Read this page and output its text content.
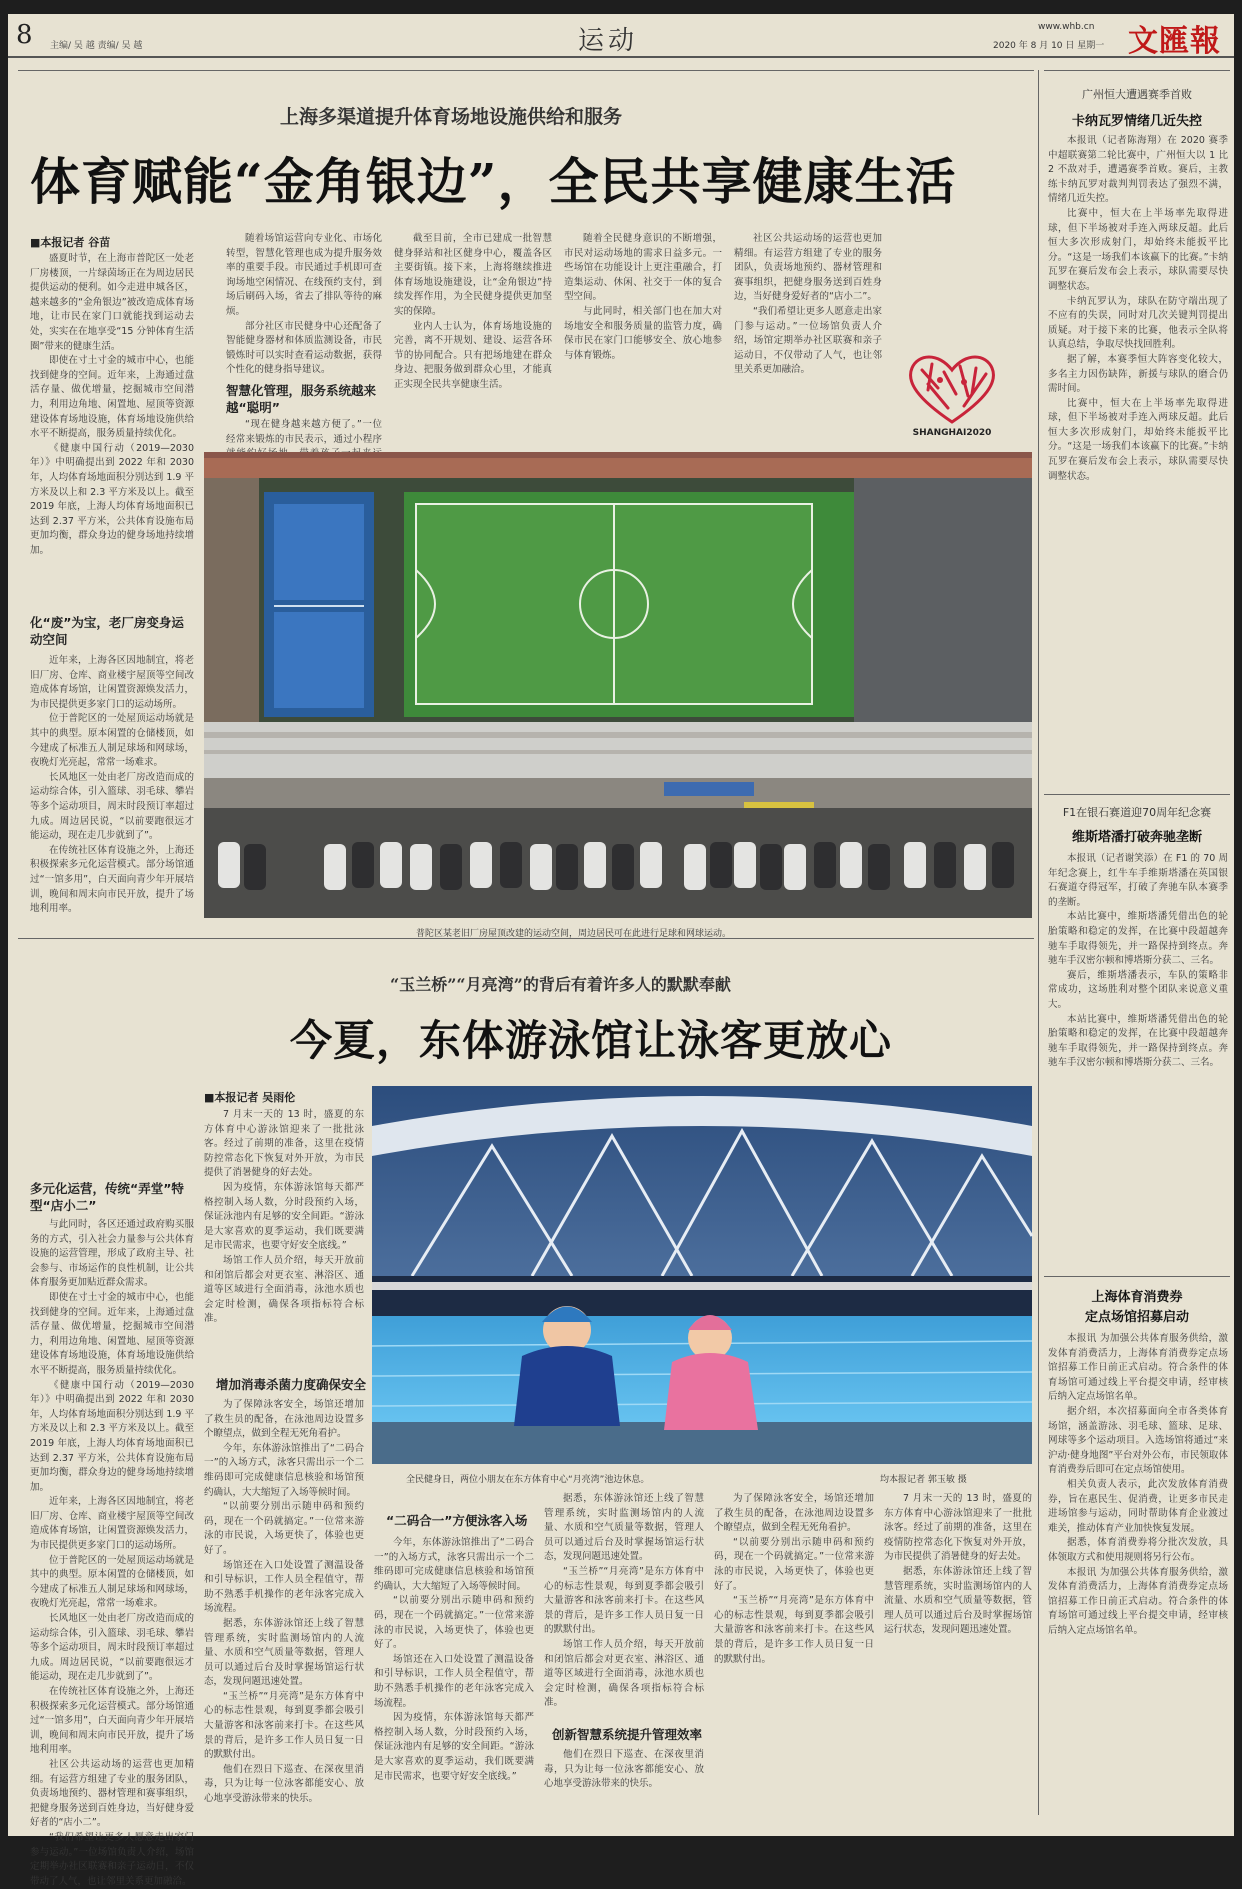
8 主编/ 吴 越 责编/ 吴 越	运动	www.whb.cn
2020 年 8 月 10 日 星期一 文匯報
上海多渠道提升体育场地设施供给和服务
体育赋能“金角银边”，全民共享健康生活
■本报记者 谷苗

盛夏时节，在上海市普陀区一处老厂房楼顶，一片绿茵场正在为周边居民提供运动的便利。如今走进申城各区，越来越多的“金角银边”被改造成体育场地，让市民在家门口就能找到运动去处，实实在在地享受“15 分钟体育生活圈”带来的健康生活。

即使在寸土寸金的城市中心，也能找到健身的空间。近年来，上海通过盘活存量、做优增量，挖掘城市空间潜力，利用边角地、闲置地、屋顶等资源建设体育场地设施，体育场地设施供给水平不断提高，服务质量持续优化。

《健康中国行动（2019—2030 年）》中明确提出到 2022 年和 2030 年，人均体育场地面积分别达到 1.9 平方米及以上和 2.3 平方米及以上。截至 2019 年底，上海人均体育场地面积已达到 2.37 平方米，公共体育设施布局更加均衡，群众身边的健身场地持续增加。

化“废”为宝，老厂房变身运动空间

近年来，上海各区因地制宜，将老旧厂房、仓库、商业楼宇屋顶等空间改造成体育场馆，让闲置资源焕发活力，为市民提供更多家门口的运动场所。

位于普陀区的一处屋顶运动场就是其中的典型。原本闲置的仓储楼顶，如今建成了标准五人制足球场和网球场，夜晚灯光亮起，常常一场难求。

长风地区一处由老厂房改造而成的运动综合体，引入篮球、羽毛球、攀岩等多个运动项目，周末时段预订率超过九成。周边居民说，“以前要跑很远才能运动，现在走几步就到了”。

在传统社区体育设施之外，上海还积极探索多元化运营模式。部分场馆通过“一馆多用”，白天面向青少年开展培训，晚间和周末向市民开放，提升了场地利用率。

随着场馆运营向专业化、市场化转型，智慧化管理也成为提升服务效率的重要手段。市民通过手机即可查询场地空闲情况、在线预约支付，到场后刷码入场，省去了排队等待的麻烦。

部分社区市民健身中心还配备了智能健身器材和体质监测设备，市民锻炼时可以实时查看运动数据，获得个性化的健身指导建议。

智慧化管理，服务系统越来越“聪明”

“现在健身越来越方便了。”一位经常来锻炼的市民表示，通过小程序

截至目前，全市已建成一批智慧健身驿站和社区健身中心，覆盖各区主要街镇。接下来，上海将继续推进体育场地设施建设，让“金角银边”持续发挥作用，为全民健身提供更加坚实的保障。

业内人士认为，体育场地设施的完善，离不开规划、建设、运营各环节的协同配合。只有把场地建在群众身边、把服务做到群众心里，才能真正实现全民共享健康生活。

随着全民健身意识的不断增强，市民对运动场地的需求日益多元。一些场馆在功能设计上更注重融合，打造集运动、休闲、社交于一体的复合型空间。

与此同时，相关部门也在加大对场地安全和服务质量的监管力度，确保市民在家门口能够安全、放心地参与体育锻炼。

社区公共运动场的运营也更加精细。有运营方组建了专业的服务团队，负责场地预约、器材管理和赛事组织，把健身服务送到百姓身边，当好健身爱好者的“店小二”。

“我们希望让更多人愿意走出家门参与运动。”一位场馆负责人介绍，场馆定期举办社区联赛和亲子运动日，不仅带动了人气，也让邻里关系更加融洽。

SHANGHAI2020
普陀区某老旧厂房屋顶改建的运动空间，周边居民可在此进行足球和网球运动。
“玉兰桥”“月亮湾”的背后有着许多人的默默奉献
今夏，东体游泳馆让泳客更放心
多元化运营，传统“弄堂”特型“店小二”

与此同时，各区还通过政府购买服务的方式，引入社会力量参与公共体育设施的运营管理，形成了政府主导、社会参与、市场运作的良性机制，让公共体育服务更加贴近群众需求。

即使在寸土寸金的城市中心，也能找到健身的空间。近年来，上海通过盘活存量、做优增量，挖掘城市空间潜力，利用边角地、闲置地、屋顶等资源建设体育场地设施，体育场地设施供给水平不断提高，服务质量持续优化。

《健康中国行动（2019—2030 年）》中明确提出到 2022 年和 2030 年，人均体育场地面积分别达到 1.9 平方米及以上和 2.3 平方米及以上。截至 2019 年底，上海人均体育场地面积已达到 2.37 平方米，公共体育设施布局更加均衡，群众身边的健身场地持续增加。

近年来，上海各区因地制宜，将老旧厂房、仓库、商业楼宇屋顶等空间改造成体育场馆，让闲置资源焕发活力，为市民提供更多家门口的运动场所。

位于普陀区的一处屋顶运动场就是其中的典型。原本闲置的仓储楼顶，如今建成了标准五人制足球场和网球场，夜晚灯光亮起，常常一场难求。

长风地区一处由老厂房改造而成的运动综合体，引入篮球、羽毛球、攀岩等多个运动项目，周末时段预订率超过九成。周边居民说，“以前要跑很远才能运动，现在走几步就到了”。

在传统社区体育设施之外，上海还积极探索多元化运营模式。部分场馆通过“一馆多用”，白天面向青少年开展培训，晚间和周末向市民开放，提升了场地利用率。

社区公共运动场的运营也更加精细。有运营方组建了专业的服务团队，负责场地预约、器材管理和赛事组织，把健身服务送到百姓身边，当好健身爱好者的“店小二”。

“我们希望让更多人愿意走出家门参与运动。”一位场馆负责人介绍，场馆定期举办社区联赛和亲子运动日，不仅带动了人气，也让邻里关系更加融洽。

■本报记者 吴雨伦

7 月末一天的 13 时，盛夏的东方体育中心游泳馆迎来了一批批泳客。经过了前期的准备，这里在疫情防控常态化下恢复对外开放，为市民提供了消暑健身的好去处。

因为疫情，东体游泳馆每天都严格控制入场人数，分时段预约入场，保证泳池内有足够的安全间距。“游泳是大家喜欢的夏季运动，我们既要满足市民需求，也要守好安全底线。”

场馆工作人员介绍，每天开放前和闭馆后都会对更衣室、淋浴区、通道等区域进行全面消毒，泳池水质也会定时检测，确保各项指标符合标准。

增加消毒杀菌力度确保安全

为了保障泳客安全，场馆还增加了救生员的配备，在泳池周边设置多个瞭望点，做到全程无死角看护。

今年，东体游泳馆推出了“二码合一”的入场方式，泳客只需出示一个二维码即可完成健康信息核验和场馆预约确认，大大缩短了入场等候时间。

“以前要分别出示随申码和预约码，现在一个码就搞定。”一位常来游泳的市民说，入场更快了，体验也更好了。

场馆还在入口处设置了测温设备和引导标识，工作人员全程值守，帮助不熟悉手机操作的老年泳客完成入场流程。

据悉，东体游泳馆还上线了智慧管理系统，实时监测场馆内的人流量、水质和空气质量等数据，管理人员可以通过后台及时掌握场馆运行状态，发现问题迅速处置。

“玉兰桥”“月亮湾”是东方体育中心的标志性景观，每到夏季都会吸引大量游客和泳客前来打卡。在这些风景的背后，是许多工作人员日复一日的默默付出。

他们在烈日下巡查、在深夜里消毒，只为让每一位泳客都能安心、放心地享受游泳带来的快乐。

全民健身日，两位小朋友在东方体育中心“月亮湾”池边休息。	均本报记者 郭玉敏 摄
“二码合一”方便泳客入场

今年，东体游泳馆推出了“二码合一”的入场方式，泳客只需出示一个二维码即可完成健康信息核验和场馆预约确认，大大缩短了入场等候时间。

“以前要分别出示随申码和预约码，现在一个码就搞定。”一位常来游泳的市民说，入场更快了，体验也更好了。

场馆还在入口处设置了测温设备和引导标识，工作人员全程值守，帮助不熟悉手机操作的老年泳客完成入场流程。

因为疫情，东体游泳馆每天都严格控制入场人数，分时段预约入场，保证泳池内有足够的安全间距。“游泳是大家喜欢的夏季运动，我们既要满足市民需求，也要守好安全底线。”

据悉，东体游泳馆还上线了智慧管理系统，实时监测场馆内的人流量、水质和空气质量等数据，管理人员可以通过后台及时掌握场馆运行状态，发现问题迅速处置。

“玉兰桥”“月亮湾”是东方体育中心的标志性景观，每到夏季都会吸引大量游客和泳客前来打卡。在这些风景的背后，是许多工作人员日复一日的默默付出。

场馆工作人员介绍，每天开放前和闭馆后都会对更衣室、淋浴区、通道等区域进行全面消毒，泳池水质也会定时检测，确保各项指标符合标准。

创新智慧系统提升管理效率

他们在烈日下巡查、在深夜里消毒，只为让每一位泳客都能安心、放心地享受游泳带来的快乐。

为了保障泳客安全，场馆还增加了救生员的配备，在泳池周边设置多个瞭望点，做到全程无死角看护。

“以前要分别出示随申码和预约码，现在一个码就搞定。”一位常来游泳的市民说，入场更快了，体验也更好了。

“玉兰桥”“月亮湾”是东方体育中心的标志性景观，每到夏季都会吸引大量游客和泳客前来打卡。在这些风景的背后，是许多工作人员日复一日的默默付出。

7 月末一天的 13 时，盛夏的东方体育中心游泳馆迎来了一批批泳客。经过了前期的准备，这里在疫情防控常态化下恢复对外开放，为市民提供了消暑健身的好去处。

据悉，东体游泳馆还上线了智慧管理系统，实时监测场馆内的人流量、水质和空气质量等数据，管理人员可以通过后台及时掌握场馆运行状态，发现问题迅速处置。

广州恒大遭遇赛季首败
卡纳瓦罗情绪几近失控

本报讯（记者陈海翔）在 2020 赛季中超联赛第二轮比赛中，广州恒大以 1 比 2 不敌对手，遭遇赛季首败。赛后，主教练卡纳瓦罗对裁判判罚表达了强烈不满，情绪几近失控。

比赛中，恒大在上半场率先取得进球，但下半场被对手连入两球反超。此后恒大多次形成射门，却始终未能扳平比分。“这是一场我们本该赢下的比赛。”卡纳瓦罗在赛后发布会上表示，球队需要尽快调整状态。

卡纳瓦罗认为，球队在防守端出现了不应有的失误，同时对几次关键判罚提出质疑。对于接下来的比赛，他表示全队将认真总结，争取尽快找回胜利。

据了解，本赛季恒大阵容变化较大，多名主力因伤缺阵，新援与球队的磨合仍需时间。

比赛中，恒大在上半场率先取得进球，但下半场被对手连入两球反超。此后恒大多次形成射门，却始终未能扳平比分。“这是一场我们本该赢下的比赛。”卡纳瓦罗在赛后发布会上表示，球队需要尽快调整状态。

F1在银石赛道迎70周年纪念赛
维斯塔潘打破奔驰垄断

本报讯（记者谢笑添）在 F1 的 70 周年纪念赛上，红牛车手维斯塔潘在英国银石赛道夺得冠军，打破了奔驰车队本赛季的垄断。

本站比赛中，维斯塔潘凭借出色的轮胎策略和稳定的发挥，在比赛中段超越奔驰车手取得领先，并一路保持到终点。奔驰车手汉密尔顿和博塔斯分获二、三名。

赛后，维斯塔潘表示，车队的策略非常成功，这场胜利对整个团队来说意义重大。

本站比赛中，维斯塔潘凭借出色的轮胎策略和稳定的发挥，在比赛中段超越奔驰车手取得领先，并一路保持到终点。奔驰车手汉密尔顿和博塔斯分获二、三名。

上海体育消费券
定点场馆招募启动

本报讯 为加强公共体育服务供给，激发体育消费活力，上海体育消费券定点场馆招募工作日前正式启动。符合条件的体育场馆可通过线上平台提交申请，经审核后纳入定点场馆名单。

据介绍，本次招募面向全市各类体育场馆，涵盖游泳、羽毛球、篮球、足球、网球等多个运动项目。入选场馆将通过“来沪动·健身地图”平台对外公布，市民领取体育消费券后即可在定点场馆使用。

相关负责人表示，此次发放体育消费券，旨在惠民生、促消费，让更多市民走进场馆参与运动，同时帮助体育企业渡过难关，推动体育产业加快恢复发展。

据悉，体育消费券将分批次发放，具体领取方式和使用规则将另行公布。

本报讯 为加强公共体育服务供给，激发体育消费活力，上海体育消费券定点场馆招募工作日前正式启动。符合条件的体育场馆可通过线上平台提交申请，经审核后纳入定点场馆名单。
